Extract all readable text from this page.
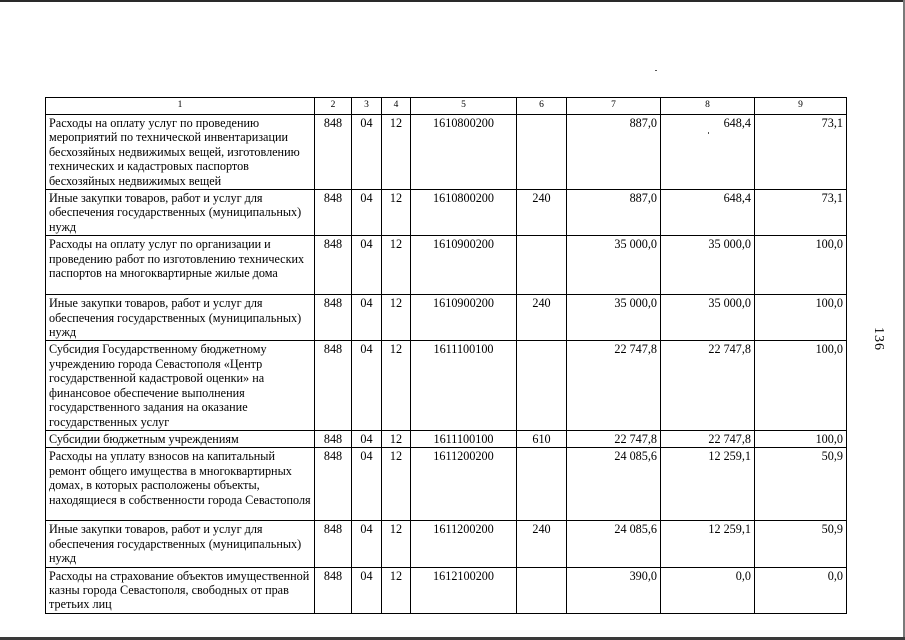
136
1	2	3	4	5	6	7	8	9
Расходы на оплату услуг по проведению мероприятий по технической инвентаризации бесхозяйных недвижимых вещей, изготовлению технических и кадастровых паспортов бесхозяйных недвижимых вещей	848	04	12	1610800200		887,0	648,4	73,1
Иные закупки товаров, работ и услуг для обеспечения государственных (муниципальных) нужд	848	04	12	1610800200	240	887,0	648,4	73,1
Расходы на оплату услуг по организации и проведению работ по изготовлению технических паспортов на многоквартирные жилые дома	848	04	12	1610900200		35 000,0	35 000,0	100,0
Иные закупки товаров, работ и услуг для обеспечения государственных (муниципальных) нужд	848	04	12	1610900200	240	35 000,0	35 000,0	100,0
Субсидия Государственному бюджетному учреждению города Севастополя «Центр государственной кадастровой оценки» на финансовое обеспечение выполнения государственного задания на оказание государственных услуг	848	04	12	1611100100		22 747,8	22 747,8	100,0
Субсидии бюджетным учреждениям	848	04	12	1611100100	610	22 747,8	22 747,8	100,0
Расходы на уплату взносов на капитальный ремонт общего имущества в многоквартирных домах, в которых расположены объекты, находящиеся в собственности города Севастополя	848	04	12	1611200200		24 085,6	12 259,1	50,9
Иные закупки товаров, работ и услуг для обеспечения государственных (муниципальных) нужд	848	04	12	1611200200	240	24 085,6	12 259,1	50,9
Расходы на страхование объектов имущественной казны города Севастополя, свободных от прав третьих лиц	848	04	12	1612100200		390,0	0,0	0,0
